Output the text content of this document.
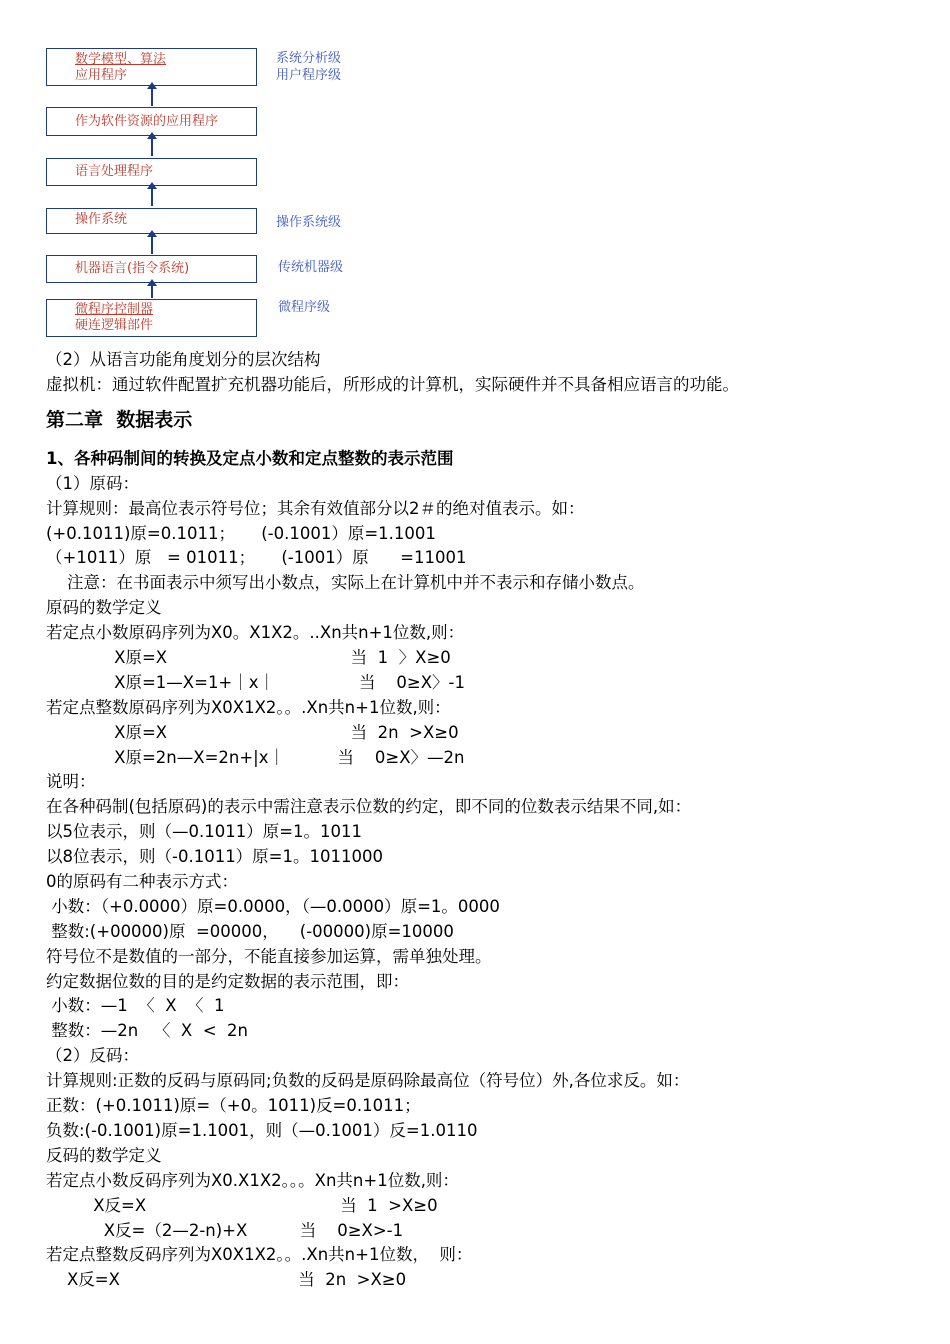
数学模型、算法
应用程序
作为软件资源的应用程序
语言处理程序
操作系统
机器语言(指令系统)
微程序控制器
硬连逻辑部件
系统分析级
用户程序级
操作系统级
传统机器级
微程序级
（2）从语言功能角度划分的层次结构
虚拟机：通过软件配置扩充机器功能后，所形成的计算机，实际硬件并不具备相应语言的功能。
第二章  数据表示
1、各种码制间的转换及定点小数和定点整数的表示范围
（1）原码：
计算规则：最高位表示符号位；其余有效值部分以2＃的绝对值表示。如：
(+0.1011)原=0.1011；     (-0.1001）原=1.1001
（+1011）原   = 01011；     (-1001）原      =11001
注意：在书面表示中须写出小数点，实际上在计算机中并不表示和存储小数点。
原码的数学定义
若定点小数原码序列为X0。X1X2。..Xn共n+1位数,则：
X原=X                                   当  1  〉X≥0
X原=1—X=1+｜x｜                当    0≥X〉-1
若定点整数原码序列为X0X1X2。。.Xn共n+1位数,则：
X原=X                                   当  2n  >X≥0
X原=2n—X=2n+|x｜          当    0≥X〉—2n
说明：
在各种码制(包括原码)的表示中需注意表示位数的约定，即不同的位数表示结果不同,如：
以5位表示，则（—0.1011）原=1。1011
以8位表示，则（-0.1011）原=1。1011000
0的原码有二种表示方式：
小数：（+0.0000）原=0.0000，（—0.0000）原=1。0000
整数:(+00000)原  =00000，    (-00000)原=10000
符号位不是数值的一部分，不能直接参加运算，需单独处理。
约定数据位数的目的是约定数据的表示范围，即：
小数：—1  〈  X  〈  1
整数：—2n   〈  X  <  2n
（2）反码：
计算规则:正数的反码与原码同;负数的反码是原码除最高位（符号位）外,各位求反。如：
正数：(+0.1011)原=（+0。1011)反=0.1011；
负数:(-0.1001)原=1.1001，则（—0.1001）反=1.0110
反码的数学定义
若定点小数反码序列为X0.X1X2。。。Xn共n+1位数,则：
X反=X                                     当  1  >X≥0
X反=（2—2-n)+X          当    0≥X>-1
若定点整数反码序列为X0X1X2。。.Xn共n+1位数，  则：
X反=X                                  当  2n  >X≥0
